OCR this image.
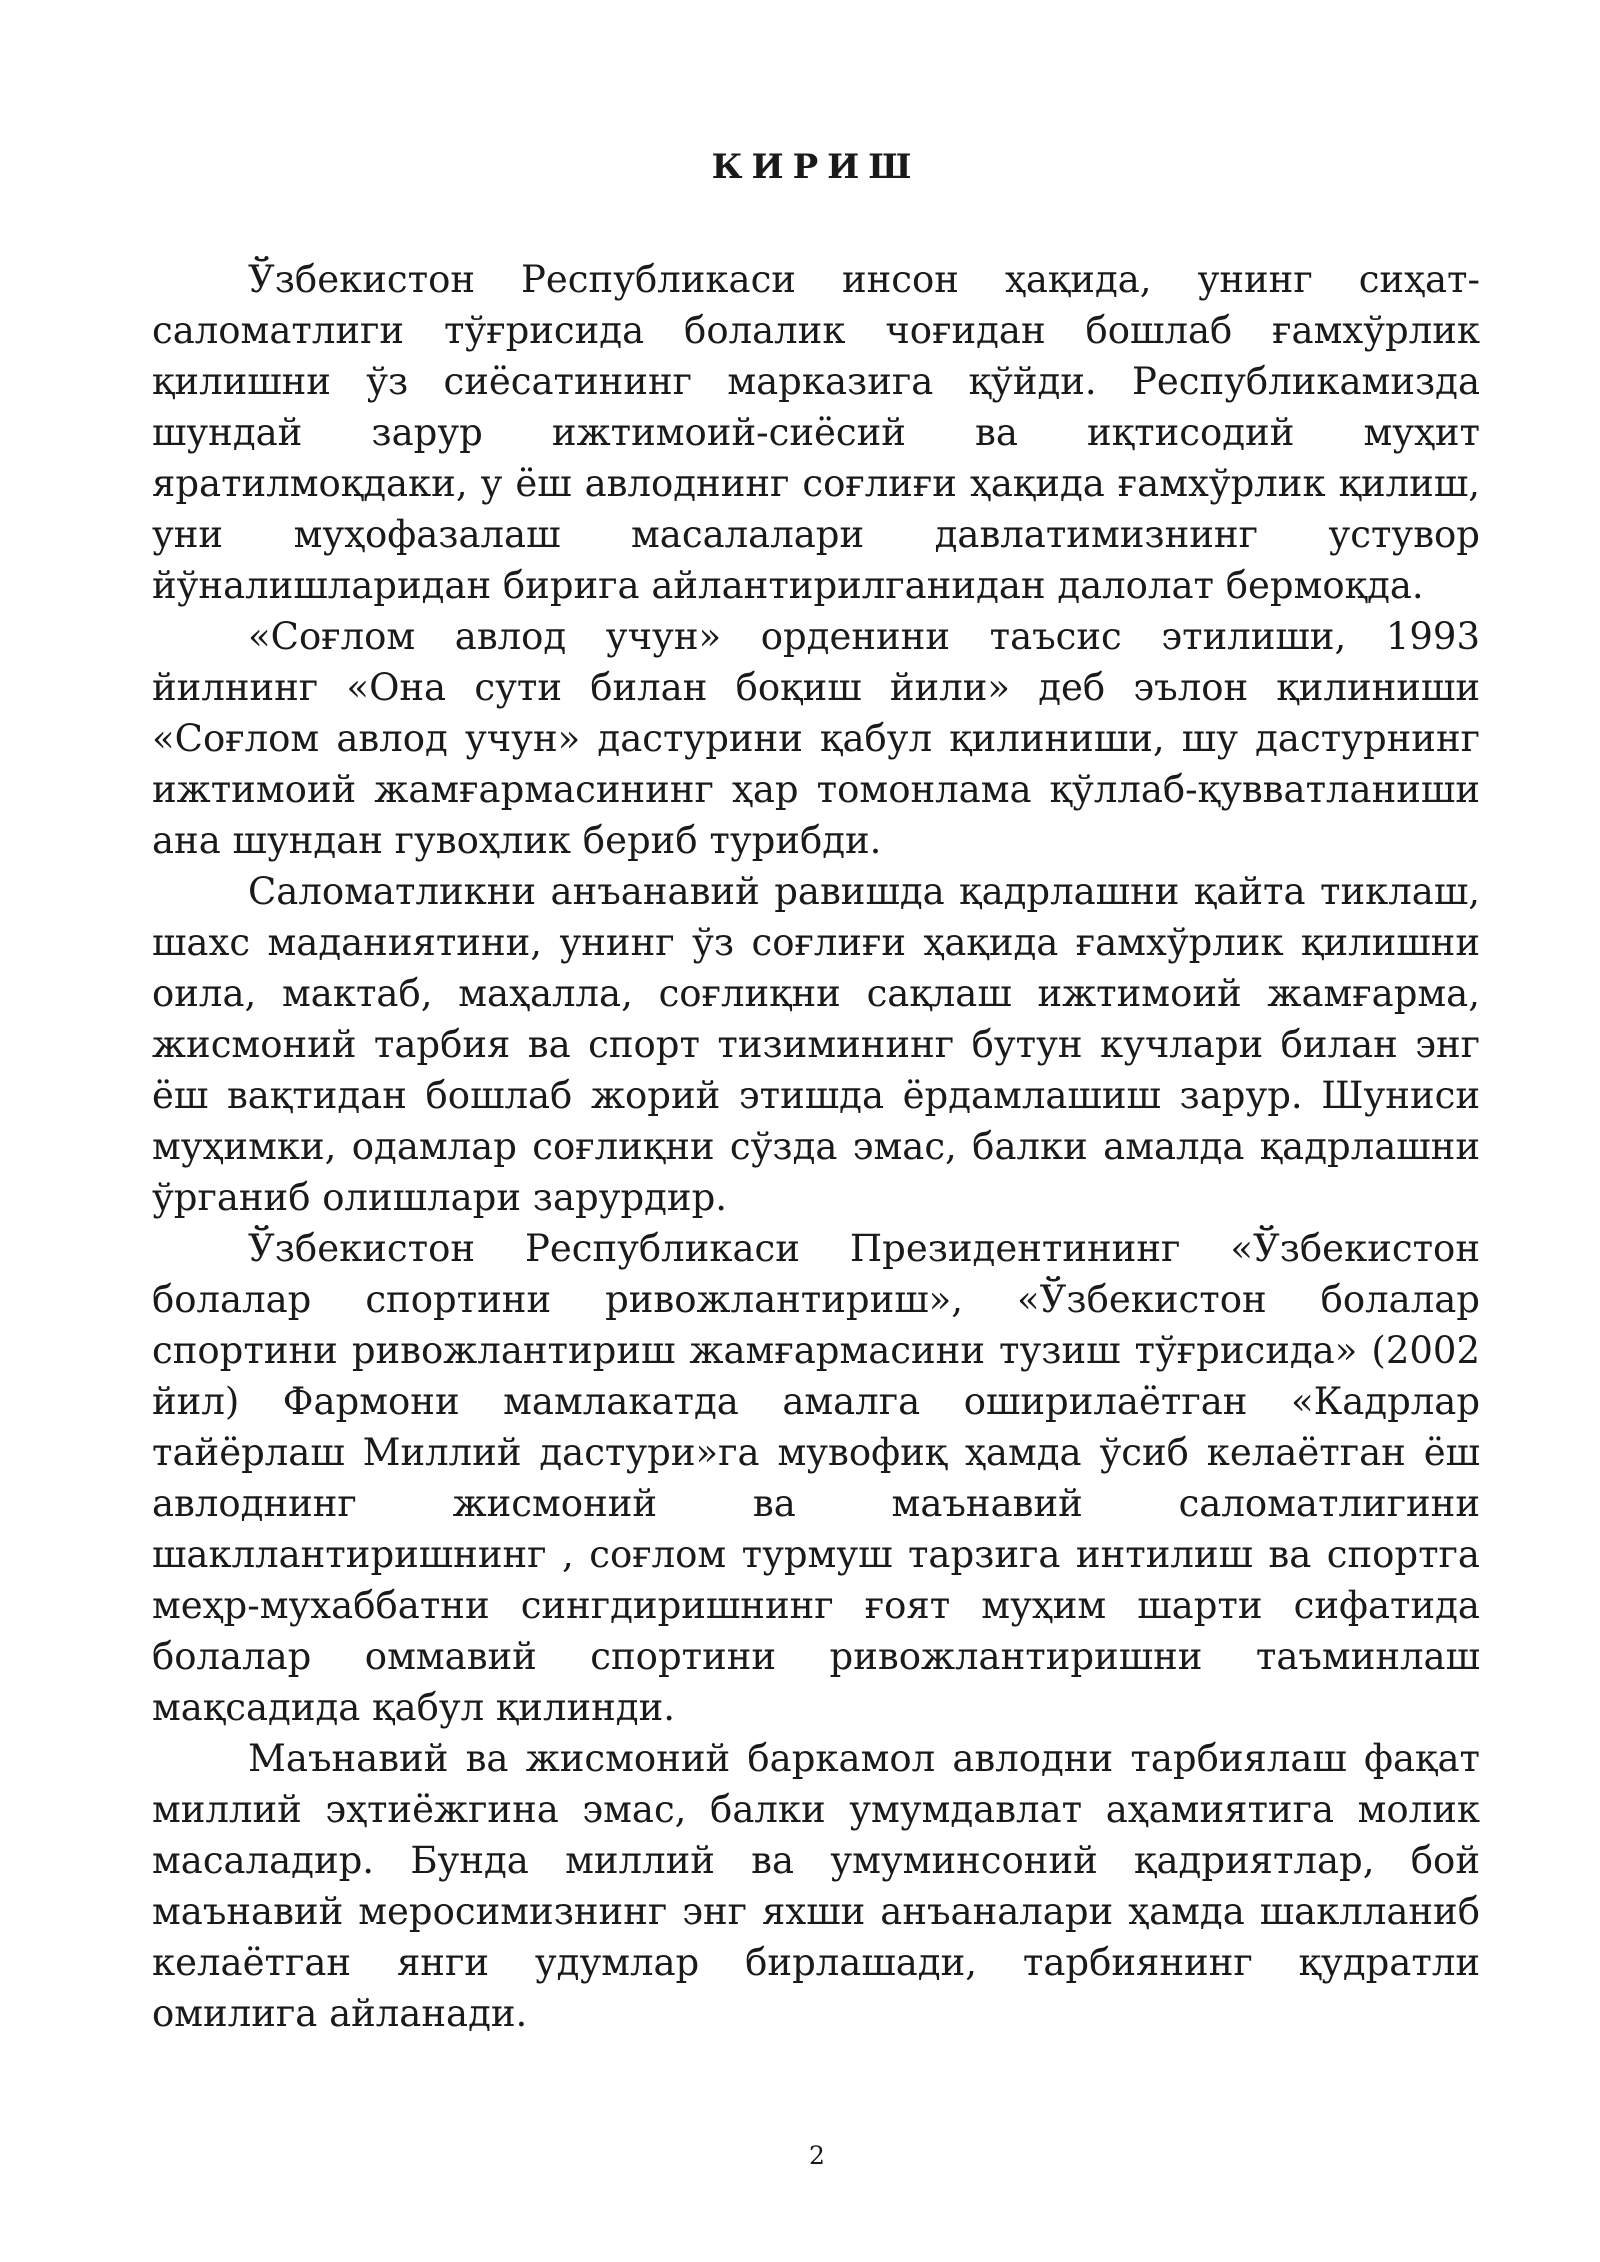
КИРИШ

Ўзбекистон Республикаси инсон ҳақида, унинг сиҳат-саломатлиги тўғрисида болалик чоғидан бошлаб ғамхўрлик қилишни ўз сиёсатининг марказига қўйди. Республикамизда шундай зарур ижтимоий-сиёсий ва иқтисодий муҳит яратилмоқдаки, у ёш авлоднинг соғлиғи ҳақида ғамхўрлик қилиш, уни муҳофазалаш масалалари давлатимизнинг устувор йўналишларидан бирига айлантирилганидан далолат бермоқда.

«Соғлом авлод учун» орденини таъсис этилиши, 1993 йилнинг «Она сути билан боқиш йили» деб эълон қилиниши «Соғлом авлод учун» дастурини қабул қилиниши, шу дастурнинг ижтимоий жамғармасининг ҳар томонлама қўллаб-қувватланиши ана шундан гувоҳлик бериб турибди.

Саломатликни анъанавий равишда қадрлашни қайта тиклаш, шахс маданиятини, унинг ўз соғлиғи ҳақида ғамхўрлик қилишни оила, мактаб, маҳалла, соғлиқни сақлаш ижтимоий жамғарма, жисмоний тарбия ва спорт тизимининг бутун кучлари билан энг ёш вақтидан бошлаб жорий этишда ёрдамлашиш зарур. Шуниси муҳимки, одамлар соғлиқни сўзда эмас, балки амалда қадрлашни ўрганиб олишлари зарурдир.

Ўзбекистон Республикаси Президентининг «Ўзбекистон болалар спортини ривожлантириш», «Ўзбекистон болалар спортини ривожлантириш жамғармасини тузиш тўғрисида» (2002 йил) Фармони мамлакатда амалга оширилаётган «Кадрлар тайёрлаш Миллий дастури»га мувофиқ ҳамда ўсиб келаётган ёш авлоднинг жисмоний ва маънавий саломатлигини шакллантиришнинг , соғлом турмуш тарзига интилиш ва спортга меҳр-мухаббатни сингдиришнинг ғоят муҳим шарти сифатида болалар оммавий спортини ривожлантиришни таъминлаш мақсадида қабул қилинди.

Маънавий ва жисмоний баркамол авлодни тарбиялаш фақат миллий эҳтиёжгина эмас, балки умумдавлат аҳамиятига молик масаладир. Бунда миллий ва умуминсоний қадриятлар, бой маънавий меросимизнинг энг яхши анъаналари ҳамда шаклланиб келаётган янги удумлар бирлашади, тарбиянинг қудратли омилига айланади.

2
